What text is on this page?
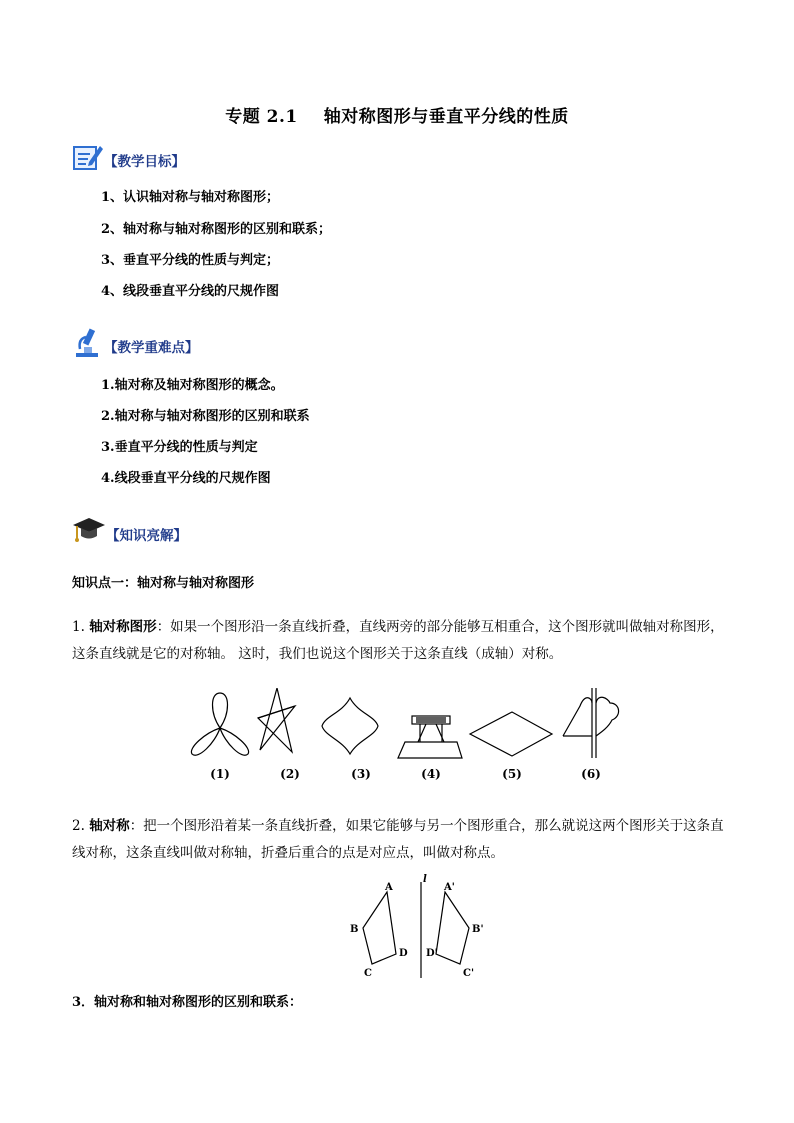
专题 2.1 轴对称图形与垂直平分线的性质
【教学目标】
1、认识轴对称与轴对称图形；
2、轴对称与轴对称图形的区别和联系；
3、垂直平分线的性质与判定；
4、线段垂直平分线的尺规作图
【教学重难点】
1.轴对称及轴对称图形的概念。
2.轴对称与轴对称图形的区别和联系
3.垂直平分线的性质与判定
4.线段垂直平分线的尺规作图
【知识亮解】
知识点一：轴对称与轴对称图形
1. 轴对称图形：如果一个图形沿一条直线折叠，直线两旁的部分能够互相重合，这个图形就叫做轴对称图形，这条直线就是它的对称轴。 这时，我们也说这个图形关于这条直线（成轴）对称。
(1)	(2)	(3)	(4)	(5)	(6)
2. 轴对称：把一个图形沿着某一条直线折叠，如果它能够与另一个图形重合，那么就说这两个图形关于这条直线对称，这条直线叫做对称轴，折叠后重合的点是对应点，叫做对称点。
l
A
B
C
D
A'
B'
C'
D'
3．轴对称和轴对称图形的区别和联系：
